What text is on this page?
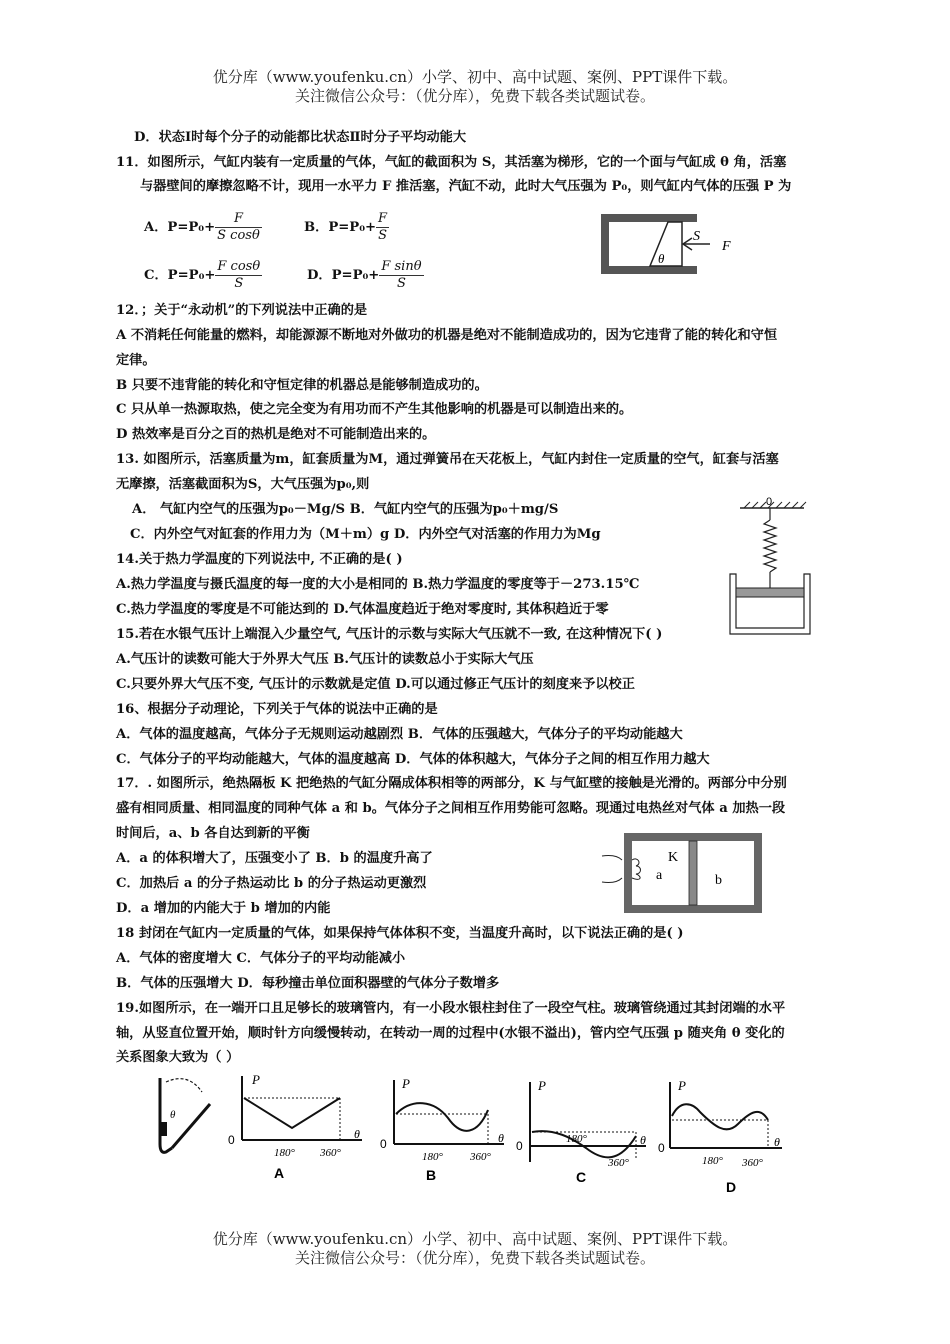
优分库（www.youfenku.cn）小学、初中、高中试题、案例、PPT课件下载。
关注微信公众号：（优分库），免费下载各类试题试卷。
D．状态Ⅰ时每个分子的动能都比状态Ⅱ时分子平均动能大
11．如图所示，气缸内装有一定质量的气体，气缸的截面积为 S，其活塞为梯形，它的一个面与气缸成 θ 角，活塞
与器壁间的摩擦忽略不计，现用一水平力 F 推活塞，汽缸不动，此时大气压强为 P₀，则气缸内气体的压强 P 为
A．$P=P_0+ \frac{F}{\text{S cosθ}}$	B．$P=P_0+ \frac{F}{S}$
C．$P=P_0+ \frac{\text{F cosθ}}{S}$	D．$P=P_0+ \frac{\text{F sinθ}}{S}$
S
F
θ
12．；关于“永动机”的下列说法中正确的是
A 不消耗任何能量的燃料，却能源源不断地对外做功的机器是绝对不能制造成功的，因为它违背了能的转化和守恒
定律。
B 只要不违背能的转化和守恒定律的机器总是能够制造成功的。
C 只从单一热源取热，使之完全变为有用功而不产生其他影响的机器是可以制造出来的。
D 热效率是百分之百的热机是绝对不可能制造出来的。
13. 如图所示，活塞质量为m，缸套质量为M，通过弹簧吊在天花板上，气缸内封住一定质量的空气，缸套与活塞
无摩擦，活塞截面积为S，大气压强为p₀,则
A． 气缸内空气的压强为p₀－Mg/S B．气缸内空气的压强为p₀＋mg/S
C．内外空气对缸套的作用力为（M＋m）g D．内外空气对活塞的作用力为Mg
0
14.关于热力学温度的下列说法中, 不正确的是( )
A.热力学温度与摄氏温度的每一度的大小是相同的 B.热力学温度的零度等于－273.15℃
C.热力学温度的零度是不可能达到的 D.气体温度趋近于绝对零度时, 其体积趋近于零
15.若在水银气压计上端混入少量空气, 气压计的示数与实际大气压就不一致, 在这种情况下( )
A.气压计的读数可能大于外界大气压 B.气压计的读数总小于实际大气压
C.只要外界大气压不变, 气压计的示数就是定值 D.可以通过修正气压计的刻度来予以校正
16、根据分子动理论，下列关于气体的说法中正确的是
A．气体的温度越高，气体分子无规则运动越剧烈 B．气体的压强越大，气体分子的平均动能越大
C．气体分子的平均动能越大，气体的温度越高 D．气体的体积越大，气体分子之间的相互作用力越大
17．. 如图所示，绝热隔板 K 把绝热的气缸分隔成体积相等的两部分，K 与气缸壁的接触是光滑的。两部分中分别
盛有相同质量、相同温度的同种气体 a 和 b。气体分子之间相互作用势能可忽略。现通过电热丝对气体 a 加热一段
时间后，a、b 各自达到新的平衡
A．a 的体积增大了，压强变小了 B．b 的温度升高了
C．加热后 a 的分子热运动比 b 的分子热运动更激烈
D．a 增加的内能大于 b 增加的内能
K
a	b
18 封闭在气缸内一定质量的气体，如果保持气体体积不变，当温度升高时，以下说法正确的是( )
A．气体的密度增大 C．气体分子的平均动能减小
B．气体的压强增大 D．每秒撞击单位面积器壁的气体分子数增多
19.如图所示，在一端开口且足够长的玻璃管内，有一小段水银柱封住了一段空气柱。玻璃管绕通过其封闭端的水平
轴，从竖直位置开始，顺时针方向缓慢转动，在转动一周的过程中(水银不溢出)，管内空气压强 p 随夹角 θ 变化的
关系图象大致为（ ）
θ
P
0	θ
180° 360°
A
P
0	θ
180° 360°
B
P
0	θ
180°
360°
C
P
0	θ
180° 360°
D
优分库（www.youfenku.cn）小学、初中、高中试题、案例、PPT课件下载。
关注微信公众号：（优分库），免费下载各类试题试卷。
